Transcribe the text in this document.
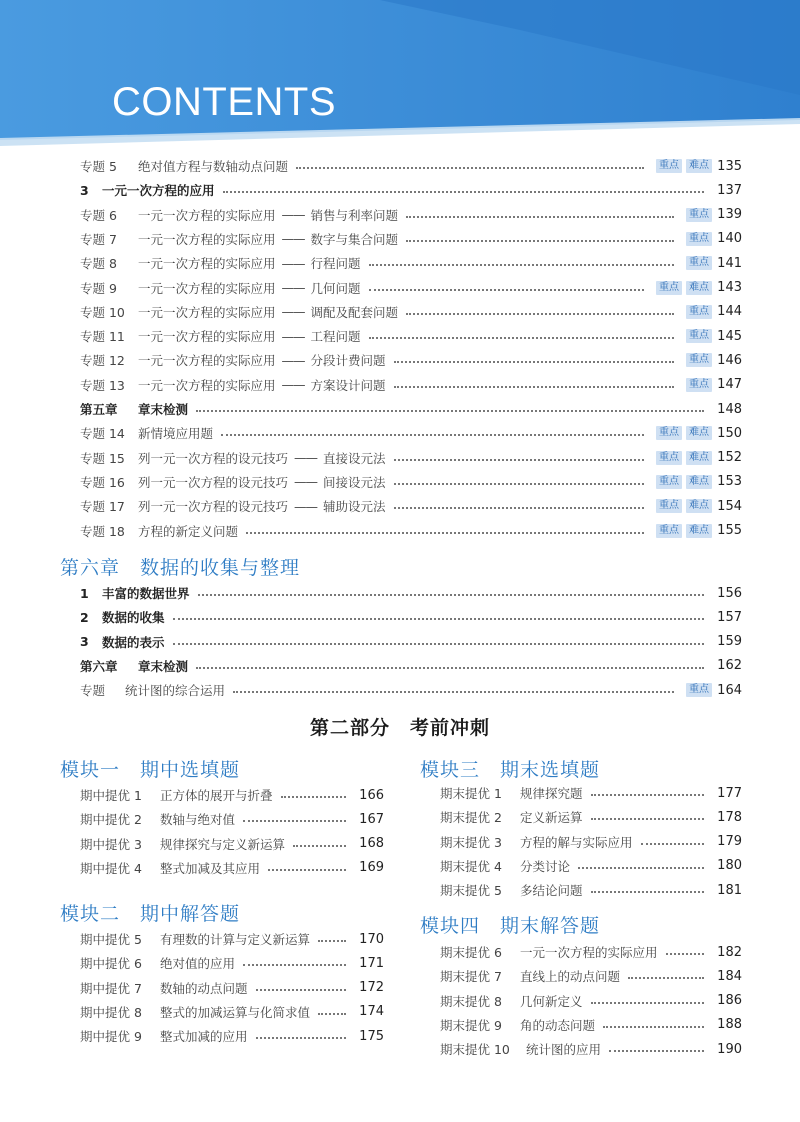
CONTENTS
专题 5	绝对值方程与数轴动点问题	重点	难点 135
3	一元一次方程的应用	137
专题 6	一元一次方程的实际应用 —— 销售与利率问题	重点 139
专题 7	一元一次方程的实际应用 —— 数字与集合问题	重点 140
专题 8	一元一次方程的实际应用 —— 行程问题	重点 141
专题 9	一元一次方程的实际应用 —— 几何问题	重点	难点 143
专题 10	一元一次方程的实际应用 —— 调配及配套问题	重点 144
专题 11	一元一次方程的实际应用 —— 工程问题	重点 145
专题 12	一元一次方程的实际应用 —— 分段计费问题	重点 146
专题 13	一元一次方程的实际应用 —— 方案设计问题	重点 147
第五章	章末检测	148
专题 14	新情境应用题	重点	难点 150
专题 15	列一元一次方程的设元技巧 —— 直接设元法	重点	难点 152
专题 16	列一元一次方程的设元技巧 —— 间接设元法	重点	难点 153
专题 17	列一元一次方程的设元技巧 —— 辅助设元法	重点	难点 154
专题 18	方程的新定义问题	重点	难点 155
1	丰富的数据世界	156
2	数据的收集	157
3	数据的表示	159
第六章	章末检测	162
专题	统计图的综合运用	重点 164
第六章　数据的收集与整理
第二部分　考前冲刺
模块一　期中选填题
期中提优 1	正方体的展开与折叠	166
期中提优 2	数轴与绝对值	167
期中提优 3	规律探究与定义新运算	168
期中提优 4	整式加减及其应用	169
模块二　期中解答题
期中提优 5	有理数的计算与定义新运算	170
期中提优 6	绝对值的应用	171
期中提优 7	数轴的动点问题	172
期中提优 8	整式的加减运算与化简求值	174
期中提优 9	整式加减的应用	175
模块三　期末选填题
期末提优 1	规律探究题	177
期末提优 2	定义新运算	178
期末提优 3	方程的解与实际应用	179
期末提优 4	分类讨论	180
期末提优 5	多结论问题	181
模块四　期末解答题
期末提优 6	一元一次方程的实际应用	182
期末提优 7	直线上的动点问题	184
期末提优 8	几何新定义	186
期末提优 9	角的动态问题	188
期末提优 10	统计图的应用	190
